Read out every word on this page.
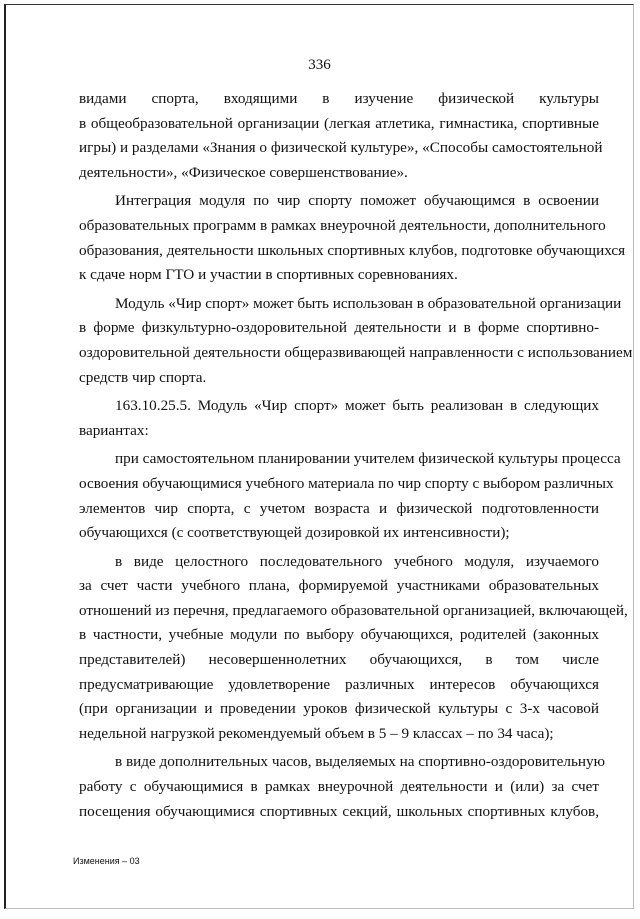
336
видами спорта, входящими в изучение физической культуры
в общеобразовательной организации (легкая атлетика, гимнастика, спортивные
игры) и разделами «Знания о физической культуре», «Способы самостоятельной
деятельности», «Физическое совершенствование».
Интеграция модуля по чир спорту поможет обучающимся в освоении
образовательных программ в рамках внеурочной деятельности, дополнительного
образования, деятельности школьных спортивных клубов, подготовке обучающихся
к сдаче норм ГТО и участии в спортивных соревнованиях.
Модуль «Чир спорт» может быть использован в образовательной организации
в форме физкультурно-оздоровительной деятельности и в форме спортивно-
оздоровительной деятельности общеразвивающей направленности с использованием
средств чир спорта.
163.10.25.5. Модуль «Чир спорт» может быть реализован в следующих
вариантах:
при самостоятельном планировании учителем физической культуры процесса
освоения обучающимися учебного материала по чир спорту с выбором различных
элементов чир спорта, с учетом возраста и физической подготовленности
обучающихся (с соответствующей дозировкой их интенсивности);
в виде целостного последовательного учебного модуля, изучаемого
за счет части учебного плана, формируемой участниками образовательных
отношений из перечня, предлагаемого образовательной организацией, включающей,
в частности, учебные модули по выбору обучающихся, родителей (законных
представителей) несовершеннолетних обучающихся, в том числе
предусматривающие удовлетворение различных интересов обучающихся
(при организации и проведении уроков физической культуры с 3-х часовой
недельной нагрузкой рекомендуемый объем в 5 – 9 классах – по 34 часа);
в виде дополнительных часов, выделяемых на спортивно-оздоровительную
работу с обучающимися в рамках внеурочной деятельности и (или) за счет
посещения обучающимися спортивных секций, школьных спортивных клубов,
Изменения – 03
